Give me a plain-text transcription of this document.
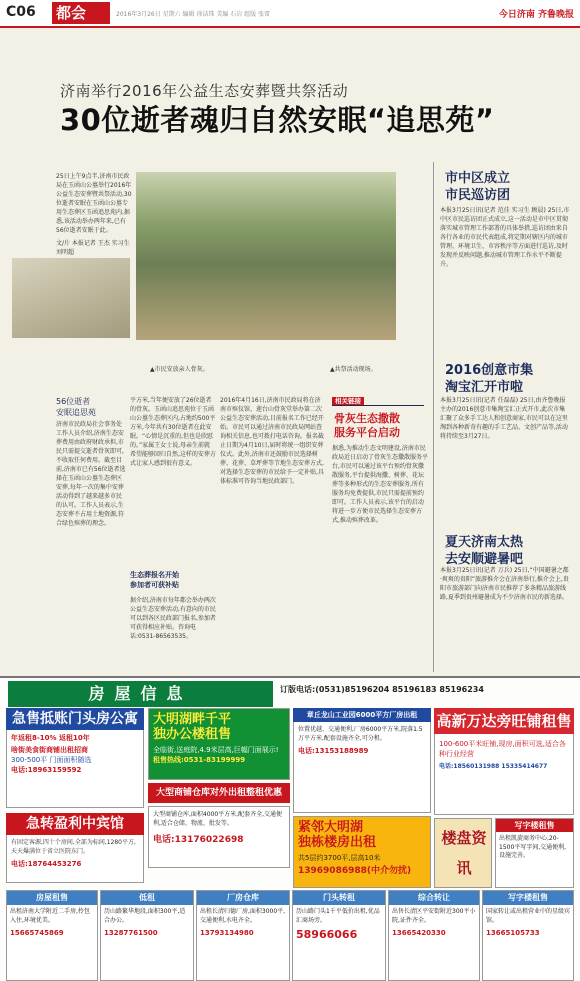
C06 都会	2016年3月26日 星期六 编辑 徐洁珠 美编 石岩 组版 张雷	今日济南 齐鲁晚报
济南举行2016年公益生态安葬暨共祭活动
30位逝者魂归自然安眠“追思苑”
25日上午9点半,济南市民政局在玉函山公墓举行2016年公益生态安葬暨共祭活动,30位逝者安眠在玉函山公墓专用生态葬区玉函追思苑内,据悉,该活动举办两年来,已有56位逝者安眠于此。
文/片 本报记者 王杰 实习生 刘明超
▲市民安放亲人骨灰。	▲共祭活动现场。
市中区成立
市民巡访团
本报3月25日讯(记者 范佳 实习生 顾晨) 25日,市中区市民巡访团正式成立,这一活动是市中区贯彻落实城市管理工作部署的具体举措,巡访团由来自各行各业的市民代表组成,将定期对辖区内的城市管理、环境卫生、市容秩序等方面进行巡访,及时发现并反映问题,推动城市管理工作水平不断提升。
2016创意市集
淘宝汇开市啦
本报3月25日讯(记者 任磊磊) 25日,由齐鲁晚报主办的2016创意市集淘宝汇正式开市,此次市集汇聚了众多手工达人和创意商家,市民可以在这里淘到各种新奇有趣的手工艺品、文创产品等,活动将持续至3月27日。
夏天济南太热
去安顺避暑吧
本报3月25日讯(记者 万兵) 25日,“中国避暑之都·爽爽的贵阳”旅游推介会在济南举行,推介会上,贵阳市旅游部门向济南市民推荐了多条精品旅游线路,夏季到贵州避暑成为不少济南市民的新选择。
56位逝者
安眠追思苑
济南市民政局社会事务处工作人员介绍,济南生态安葬费用由政府财政承担,市民只需提交逝者骨灰即可,不收取任何费用。截至目前,济南市已有56位逝者选择在玉函山公墓生态葬区安葬,每年一次的集中安葬活动得到了越来越多市民的认可。工作人员表示,生态安葬不占用土地资源,符合绿色殡葬的理念。
平方米,当年便安放了26位逝者的骨灰。玉函山追思苑位于玉函山公墓生态葬区内,占地约500平方米,今年共有30位逝者在此安眠。“心情是沉重的,但也是欣慰的。”家属王女士说,母亲生前就希望能够回归自然,这样的安葬方式让家人感到很有意义。
生态葬报名开始
参加者可获补贴
据介绍,济南市每年都会举办两次公益生态安葬活动,有意向的市民可以到各区民政部门报名,参加者可获得相应补贴。咨询电话:0531-86563535。
2016年4月16日,济南市民政局将在济南市殡仪馆、莲台山骨灰堂举办第二次公益生态安葬活动,目前报名工作已经开始。市民可以通过济南市民政局网站查询相关信息,也可拨打电话咨询。报名截止日期为4月10日,届时将统一组织安葬仪式。此外,济南市还鼓励市民选择树葬、花葬、草坪葬等节地生态安葬方式,对选择生态安葬的市民给予一定补贴,具体标准可咨询当地民政部门。
相关链接
骨灰生态撒散
服务平台启动
据悉,为推动生态文明建设,济南市民政局近日启动了骨灰生态撒散服务平台,市民可以通过该平台预约骨灰撒散服务,平台提供海撒、树葬、花坛葬等多种形式的生态安葬服务,所有服务均免费提供,市民只需提前预约即可。工作人员表示,该平台的启动将进一步方便市民选择生态安葬方式,推动殡葬改革。
房屋信息	订版电话:(0531)85196204 85196183 85196234
年返租8-10% 返租10年
啥街美食街商铺出租招商
300-500平 门面面积随选
电话:18963159592
急售抵账门头房公寓	大明湖畔千平
独办公楼租售
全临街,送庭院,4.9米层高,巨幅门面展示!
租售热线:0531-83199999
位置优越、交通便利,厂房6000平方米,院落1.5万平方米,配套设施齐全,可分租。
电话:13153188989
章丘龙山工业园6000平方厂房出租
100-600平米旺铺,现房,面积可选,适合各种行业经营
电话:18560131988 15335414677
高新万达旁旺铺租售
有固定客源,四十个房间,全部为标间,1280平方,天天爆满位于省立医院东门。
电话:18764453276
急转盈利中宾馆
大型商铺仓库对外出租整租优惠
大型商铺仓库,面积4000平方米,配套齐全,交通便利,适合仓储、物流、批发等。
电话:13176022698
紧邻大明湖
独栋楼房出租
共5层约3700平,层高10米
13969086988(中介勿扰)
楼盘资讯
写字楼租售
出租凯旋商务中心,20-1500平写字间,交通便利,设施完善。
房屋租售
出租济南大学附近二手房,拎包入住,环境优美。
15665745869
低租
历山路繁华地段,面积300平,适合办公。
13287761500
厂房仓库
出租长清归德厂房,面积3000平,交通便利,水电齐全。
13793134980
门头转租
历山路门头1千平低价出租,优品汇商场旁。
58966066
综合转让
出售长清区平安街附近300平小院,证件齐全。
13665420330
写字楼租售
国家转让或出租营业中的星级宾馆。
13665105733
